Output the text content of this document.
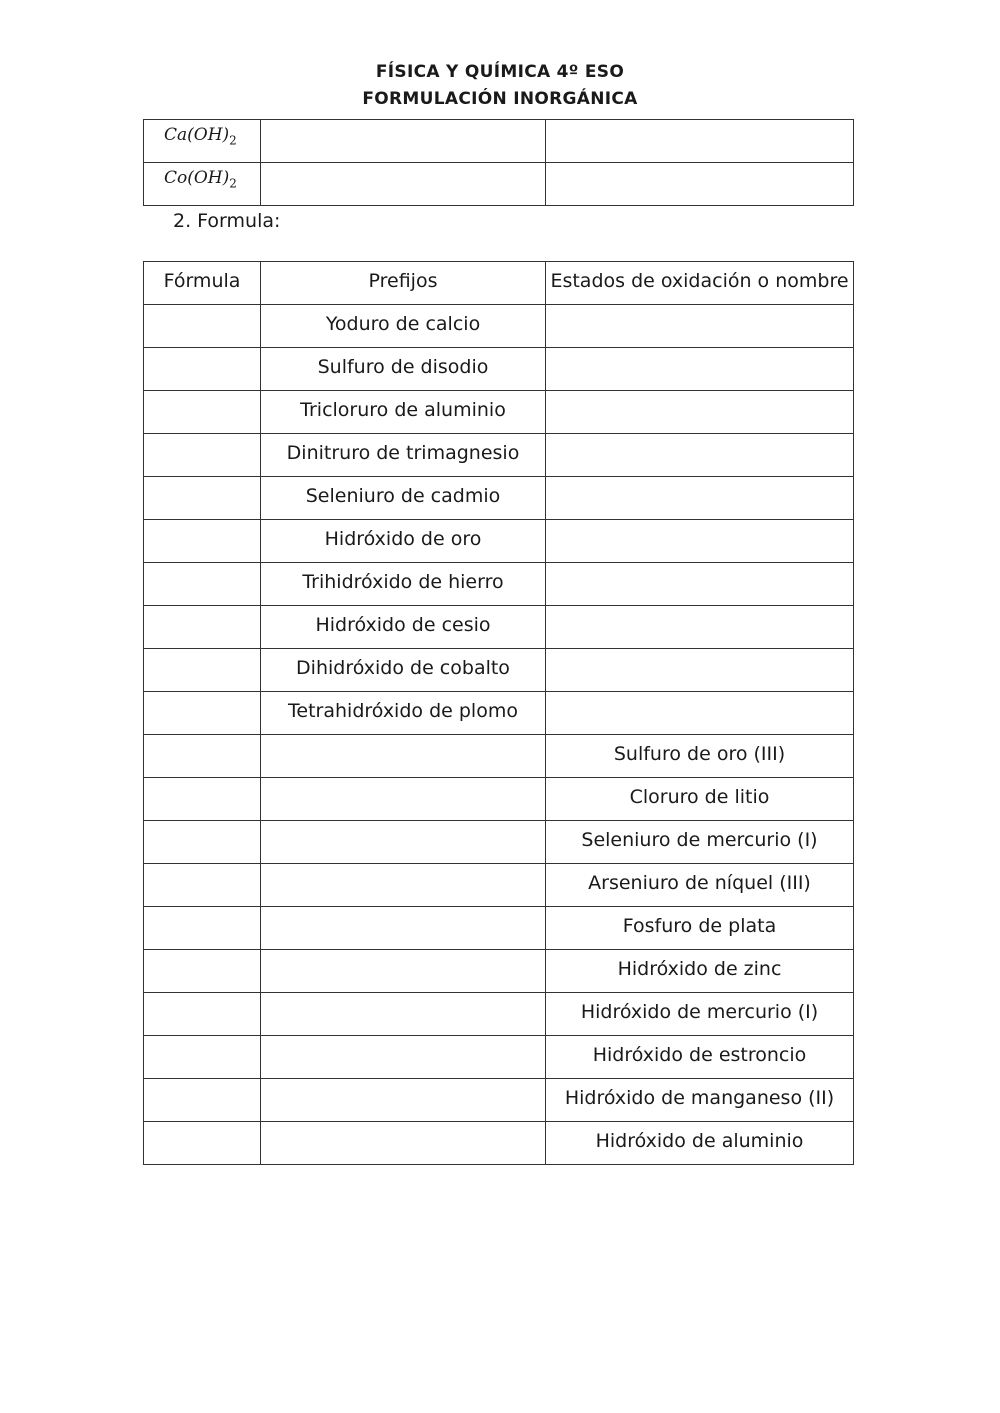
FÍSICA Y QUÍMICA 4º ESO
FORMULACIÓN INORGÁNICA
$Ca(OH)_2$

$Co(OH)_2$

2. Formula:
Fórmula	Prefijos	Estados de oxidación o nombre

	Yoduro de calcio	

	Sulfuro de disodio	

	Tricloruro de aluminio	

	Dinitruro de trimagnesio	

	Seleniuro de cadmio	

	Hidróxido de oro	

	Trihidróxido de hierro	

	Hidróxido de cesio	

	Dihidróxido de cobalto	

	Tetrahidróxido de plomo	

		Sulfuro de oro (III)

		Cloruro de litio

		Seleniuro de mercurio (I)

		Arseniuro de níquel (III)

		Fosfuro de plata

		Hidróxido de zinc

		Hidróxido de mercurio (I)

		Hidróxido de estroncio

		Hidróxido de manganeso (II)

		Hidróxido de aluminio
